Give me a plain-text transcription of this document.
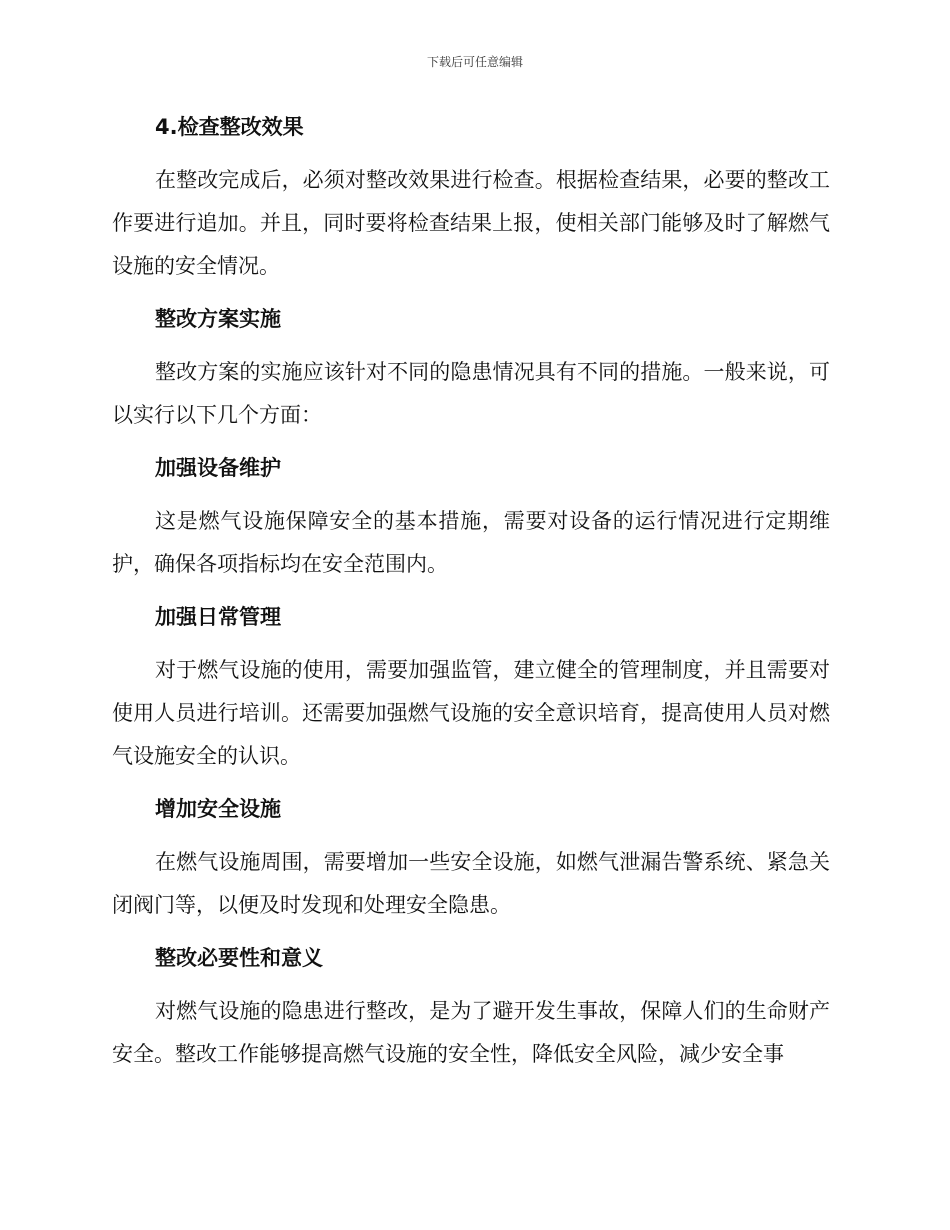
下载后可任意编辑
4.检查整改效果

在整改完成后，必须对整改效果进行检查。根据检查结果，必要的整改工作要进行追加。并且，同时要将检查结果上报，使相关部门能够及时了解燃气设施的安全情况。

整改方案实施

整改方案的实施应该针对不同的隐患情况具有不同的措施。一般来说，可以实行以下几个方面：

加强设备维护

这是燃气设施保障安全的基本措施，需要对设备的运行情况进行定期维护，确保各项指标均在安全范围内。

加强日常管理

对于燃气设施的使用，需要加强监管，建立健全的管理制度，并且需要对使用人员进行培训。还需要加强燃气设施的安全意识培育，提高使用人员对燃气设施安全的认识。

增加安全设施

在燃气设施周围，需要增加一些安全设施，如燃气泄漏告警系统、紧急关闭阀门等，以便及时发现和处理安全隐患。

整改必要性和意义

对燃气设施的隐患进行整改，是为了避开发生事故，保障人们的生命财产安全。整改工作能够提高燃气设施的安全性，降低安全风险，减少安全事
